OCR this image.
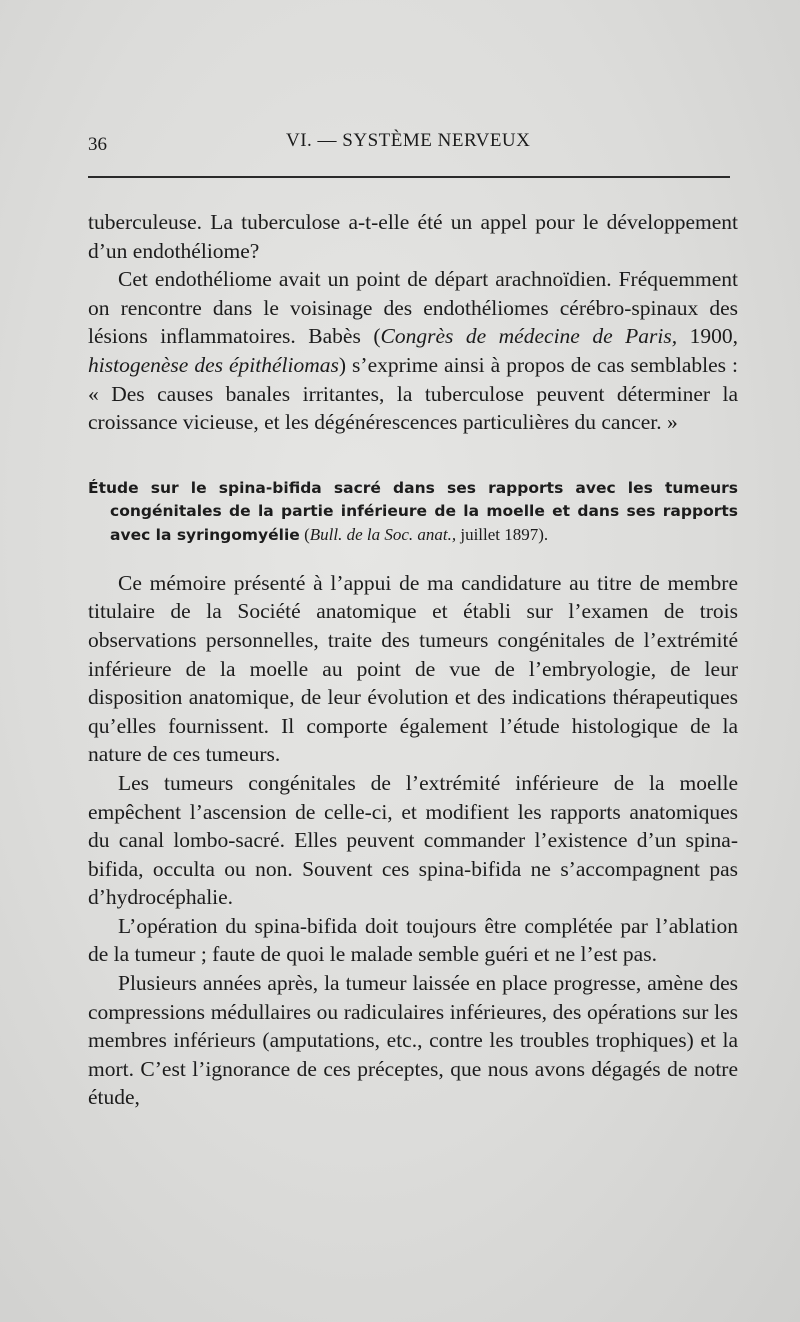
36	VI. — SYSTÈME NERVEUX

tuberculeuse. La tuberculose a-t-elle été un appel pour le développement d’un endothéliome?

Cet endothéliome avait un point de départ arachnoïdien. Fréquemment on rencontre dans le voisinage des endothéliomes cérébro-spinaux des lésions inflammatoires. Babès (Congrès de médecine de Paris, 1900, histogenèse des épithéliomas) s’exprime ainsi à propos de cas semblables : « Des causes banales irritantes, la tuberculose peuvent déterminer la croissance vicieuse, et les dégénérescences particulières du cancer. »

Étude sur le spina-bifida sacré dans ses rapports avec les tumeurs congénitales de la partie inférieure de la moelle et dans ses rapports avec la syringomyélie (Bull. de la Soc. anat., juillet 1897).

Ce mémoire présenté à l’appui de ma candidature au titre de membre titulaire de la Société anatomique et établi sur l’examen de trois observations personnelles, traite des tumeurs congénitales de l’extrémité inférieure de la moelle au point de vue de l’embryologie, de leur disposition anatomique, de leur évolution et des indications thérapeutiques qu’elles fournissent. Il comporte également l’étude histologique de la nature de ces tumeurs.

Les tumeurs congénitales de l’extrémité inférieure de la moelle empêchent l’ascension de celle-ci, et modifient les rapports anatomiques du canal lombo-sacré. Elles peuvent commander l’existence d’un spina-bifida, occulta ou non. Souvent ces spina-bifida ne s’accompagnent pas d’hydrocéphalie.

L’opération du spina-bifida doit toujours être complétée par l’ablation de la tumeur ; faute de quoi le malade semble guéri et ne l’est pas.

Plusieurs années après, la tumeur laissée en place progresse, amène des compressions médullaires ou radiculaires inférieures, des opérations sur les membres inférieurs (amputations, etc., contre les troubles trophiques) et la mort. C’est l’ignorance de ces préceptes, que nous avons dégagés de notre étude,
